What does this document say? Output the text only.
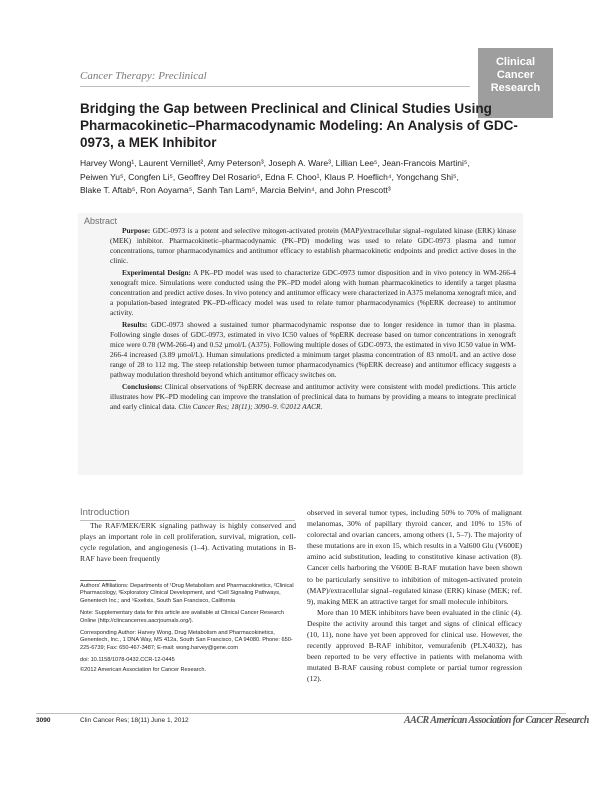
Clinical
Cancer
Research
Cancer Therapy: Preclinical
Bridging the Gap between Preclinical and Clinical Studies Using Pharmacokinetic–Pharmacodynamic Modeling: An Analysis of GDC-0973, a MEK Inhibitor
Harvey Wong¹, Laurent Vernillet², Amy Peterson³, Joseph A. Ware³, Lillian Lee⁵, Jean-Francois Martini⁵,
Peiwen Yu⁵, Congfen Li⁵, Geoffrey Del Rosario⁵, Edna F. Choo¹, Klaus P. Hoeflich⁴, Yongchang Shi⁵,
Blake T. Aftab⁵, Ron Aoyama⁵, Sanh Tan Lam⁵, Marcia Belvin⁴, and John Prescott³
Abstract

Purpose: GDC-0973 is a potent and selective mitogen-activated protein (MAP)/extracellular signal–regulated kinase (ERK) kinase (MEK) inhibitor. Pharmacokinetic–pharmacodynamic (PK–PD) modeling was used to relate GDC-0973 plasma and tumor concentrations, tumor pharmacodynamics and antitumor efficacy to establish pharmacokinetic endpoints and predict active doses in the clinic.

Experimental Design: A PK–PD model was used to characterize GDC-0973 tumor disposition and in vivo potency in WM-266-4 xenograft mice. Simulations were conducted using the PK–PD model along with human pharmacokinetics to identify a target plasma concentration and predict active doses. In vivo potency and antitumor efficacy were characterized in A375 melanoma xenograft mice, and a population-based integrated PK–PD-efficacy model was used to relate tumor pharmacodynamics (%pERK decrease) to antitumor activity.

Results: GDC-0973 showed a sustained tumor pharmacodynamic response due to longer residence in tumor than in plasma. Following single doses of GDC-0973, estimated in vivo IC50 values of %pERK decrease based on tumor concentrations in xenograft mice were 0.78 (WM-266-4) and 0.52 µmol/L (A375). Following multiple doses of GDC-0973, the estimated in vivo IC50 value in WM-266-4 increased (3.89 µmol/L). Human simulations predicted a minimum target plasma concentration of 83 nmol/L and an active dose range of 28 to 112 mg. The steep relationship between tumor pharmacodynamics (%pERK decrease) and antitumor efficacy suggests a pathway modulation threshold beyond which antitumor efficacy switches on.

Conclusions: Clinical observations of %pERK decrease and antitumor activity were consistent with model predictions. This article illustrates how PK–PD modeling can improve the translation of preclinical data to humans by providing a means to integrate preclinical and early clinical data. Clin Cancer Res; 18(11); 3090–9. ©2012 AACR.

Introduction

The RAF/MEK/ERK signaling pathway is highly conserved and plays an important role in cell proliferation, survival, migration, cell-cycle regulation, and angiogenesis (1–4). Activating mutations in B-RAF have been frequently

Authors' Affiliations: Departments of ¹Drug Metabolism and Pharmacokinetics, ²Clinical Pharmacology, ³Exploratory Clinical Development, and ⁴Cell Signaling Pathways, Genentech Inc.; and ⁵Exelixis, South San Francisco, California

Note: Supplementary data for this article are available at Clinical Cancer Research Online (http://clincancerres.aacrjournals.org/).

Corresponding Author: Harvey Wong, Drug Metabolism and Pharmacokinetics, Genentech, Inc., 1 DNA Way, MS 412a, South San Francisco, CA 94080. Phone: 650-225-6739; Fax: 650-467-3487; E-mail: wong.harvey@gene.com

doi: 10.1158/1078-0432.CCR-12-0445

©2012 American Association for Cancer Research.

observed in several tumor types, including 50% to 70% of malignant melanomas, 30% of papillary thyroid cancer, and 10% to 15% of colorectal and ovarian cancers, among others (1, 5–7). The majority of these mutations are in exon 15, which results in a Val600 Glu (V600E) amino acid substitution, leading to constitutive kinase activation (8). Cancer cells harboring the V600E B-RAF mutation have been shown to be particularly sensitive to inhibition of mitogen-activated protein (MAP)/extracellular signal–regulated kinase (ERK) kinase (MEK; ref. 9), making MEK an attractive target for small molecule inhibitors.

More than 10 MEK inhibitors have been evaluated in the clinic (4). Despite the activity around this target and signs of clinical efficacy (10, 11), none have yet been approved for clinical use. However, the recently approved B-RAF inhibitor, vemurafenib (PLX4032), has been reported to be very effective in patients with melanoma with mutated B-RAF causing robust complete or partial tumor regression (12).

3090	Clin Cancer Res; 18(11) June 1, 2012	AACR American Association for Cancer Research
